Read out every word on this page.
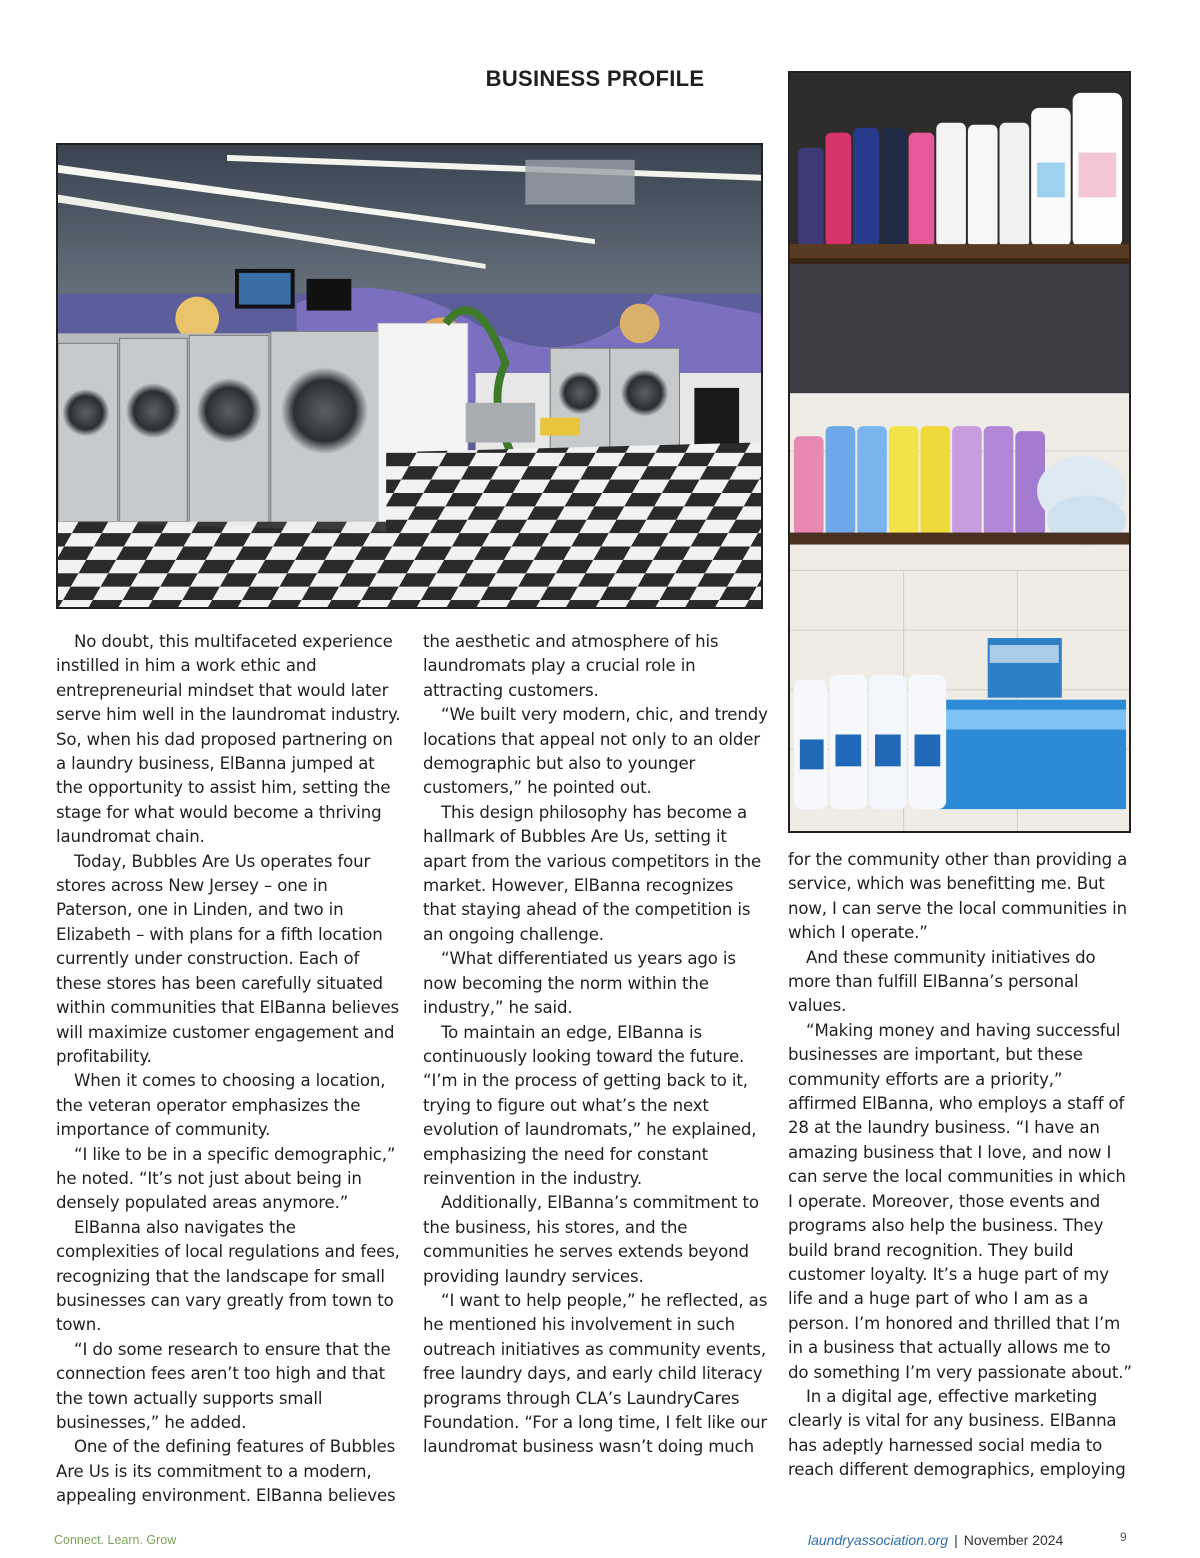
BUSINESS PROFILE

No doubt, this multifaceted experience instilled in him a work ethic and entrepreneurial mindset that would later serve him well in the laundromat industry. So, when his dad proposed partnering on a laundry business, ElBanna jumped at the opportunity to assist him, setting the stage for what would become a thriving laundromat chain.

Today, Bubbles Are Us operates four stores across New Jersey – one in Paterson, one in Linden, and two in Elizabeth – with plans for a fifth location currently under construction. Each of these stores has been carefully situated within communities that ElBanna believes will maximize customer engagement and profitability.

When it comes to choosing a location, the veteran operator emphasizes the importance of community.

“I like to be in a specific demographic,” he noted. “It’s not just about being in densely populated areas anymore.”

ElBanna also navigates the complexities of local regulations and fees, recognizing that the landscape for small businesses can vary greatly from town to town.

“I do some research to ensure that the connection fees aren’t too high and that the town actually supports small businesses,” he added.

One of the defining features of Bubbles Are Us is its commitment to a modern, appealing environment. ElBanna believes

the aesthetic and atmosphere of his laundromats play a crucial role in attracting customers.

“We built very modern, chic, and trendy locations that appeal not only to an older demographic but also to younger customers,” he pointed out.

This design philosophy has become a hallmark of Bubbles Are Us, setting it apart from the various competitors in the market. However, ElBanna recognizes that staying ahead of the competition is an ongoing challenge.

“What differentiated us years ago is now becoming the norm within the industry,” he said.

To maintain an edge, ElBanna is continuously looking toward the future. “I’m in the process of getting back to it, trying to figure out what’s the next evolution of laundromats,” he explained, emphasizing the need for constant reinvention in the industry.

Additionally, ElBanna’s commitment to the business, his stores, and the communities he serves extends beyond providing laundry services.

“I want to help people,” he reflected, as he mentioned his involvement in such outreach initiatives as community events, free laundry days, and early child literacy programs through CLA’s LaundryCares Foundation. “For a long time, I felt like our laundromat business wasn’t doing much

for the community other than providing a service, which was benefitting me. But now, I can serve the local communities in which I operate.”

And these community initiatives do more than fulfill ElBanna’s personal values.

“Making money and having successful businesses are important, but these community efforts are a priority,” affirmed ElBanna, who employs a staff of 28 at the laundry business. “I have an amazing business that I love, and now I can serve the local communities in which I operate. Moreover, those events and programs also help the business. They build brand recognition. They build customer loyalty. It’s a huge part of my life and a huge part of who I am as a person. I’m honored and thrilled that I’m in a business that actually allows me to do something I’m very passionate about.”

In a digital age, effective marketing clearly is vital for any business. ElBanna has adeptly harnessed social media to reach different demographics, employing

Connect. Learn. Grow	laundryassociation.org | November 2024	9
